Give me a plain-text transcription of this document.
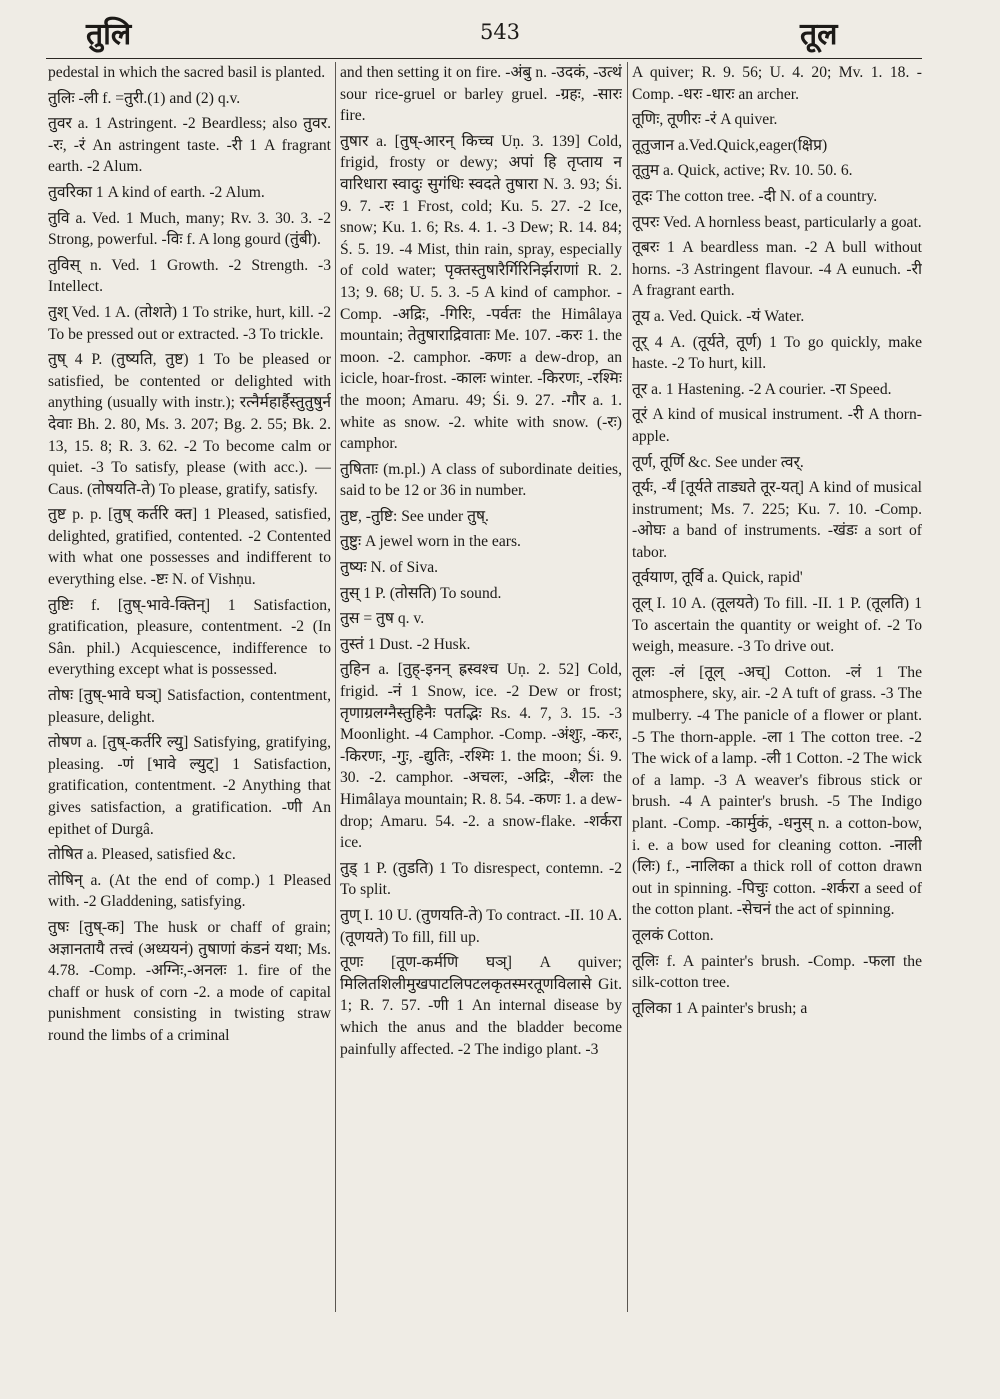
तुलि	543	तूल
pedestal in which the sacred basil is planted.
तुलिः -ली f. =तुरी.(1) and (2) q.v.
तुवर a. 1 Astringent. -2 Beardless; also तुवर. -रः, -रं An astringent taste. -री 1 A fragrant earth. -2 Alum.
तुवरिका 1 A kind of earth. -2 Alum.
तुवि a. Ved. 1 Much, many; Rv. 3. 30. 3. -2 Strong, powerful. -विः f. A long gourd (तुंबी).
तुविस् n. Ved. 1 Growth. -2 Strength. -3 Intellect.
तुश् Ved. 1 A. (तोशते) 1 To strike, hurt, kill. -2 To be pressed out or extracted. -3 To trickle.
तुष् 4 P. (तुष्यति, तुष्ट) 1 To be pleased or satisfied, be contented or delighted with anything (usually with instr.); रत्नैर्महार्हैस्तुतुषुर्न देवाः Bh. 2. 80, Ms. 3. 207; Bg. 2. 55; Bk. 2. 13, 15. 8; R. 3. 62. -2 To become calm or quiet. -3 To satisfy, please (with acc.). —Caus. (तोषयति-ते) To please, gratify, satisfy.
तुष्ट p. p. [तुष् कर्तरि क्त] 1 Pleased, satisfied, delighted, gratified, contented. -2 Contented with what one possesses and indifferent to everything else. -ष्टः N. of Vishṇu.
तुष्टिः f. [तुष्-भावे-क्तिन्] 1 Satisfaction, gratification, pleasure, contentment. -2 (In Sân. phil.) Acquiescence, indifference to everything except what is possessed.
तोषः [तुष्-भावे घञ्] Satisfaction, contentment, pleasure, delight.
तोषण a. [तुष्-कर्तरि ल्यु] Satisfying, gratifying, pleasing. -णं [भावे ल्युट्] 1 Satisfaction, gratification, contentment. -2 Anything that gives satisfaction, a gratification. -णी An epithet of Durgâ.
तोषित a. Pleased, satisfied &c.
तोषिन् a. (At the end of comp.) 1 Pleased with. -2 Gladdening, satisfying.
तुषः [तुष्-क] The husk or chaff of grain; अज्ञानतायै तत्त्वं (अध्ययनं) तुषाणां कंडनं यथा; Ms. 4.78. -Comp. -अग्निः,-अनलः 1. fire of the chaff or husk of corn -2. a mode of capital punishment consisting in twisting straw round the limbs of a criminal
and then setting it on fire. -अंबु n. -उदकं, -उत्थं sour rice-gruel or barley gruel. -ग्रहः, -सारः fire.
तुषार a. [तुष्-आरन् किच्च Uṇ. 3. 139] Cold, frigid, frosty or dewy; अपां हि तृप्ताय न वारिधारा स्वादुः सुगंधिः स्वदते तुषारा N. 3. 93; Śi. 9. 7. -रः 1 Frost, cold; Ku. 5. 27. -2 Ice, snow; Ku. 1. 6; Rs. 4. 1. -3 Dew; R. 14. 84; Ś. 5. 19. -4 Mist, thin rain, spray, especially of cold water; पृक्तस्तुषारैर्गिरिनिर्झराणां R. 2. 13; 9. 68; U. 5. 3. -5 A kind of camphor. -Comp. -अद्रिः, -गिरिः, -पर्वतः the Himâlaya mountain; तेतुषाराद्रिवाताः Me. 107. -करः 1. the moon. -2. camphor. -कणः a dew-drop, an icicle, hoar-frost. -कालः winter. -किरणः, -रश्मिः the moon; Amaru. 49; Śi. 9. 27. -गौर a. 1. white as snow. -2. white with snow. (-रः) camphor.
तुषिताः (m.pl.) A class of subordinate deities, said to be 12 or 36 in number.
तुष्ट, -तुष्टि: See under तुष्.
तुष्टुः A jewel worn in the ears.
तुष्यः N. of Siva.
तुस् 1 P. (तोसति) To sound.
तुस = तुष q. v.
तुस्तं 1 Dust. -2 Husk.
तुहिन a. [तुह्-इनन् ह्रस्वश्च Uṇ. 2. 52] Cold, frigid. -नं 1 Snow, ice. -2 Dew or frost; तृणाग्रलग्नैस्तुहिनैः पतद्भिः Rs. 4. 7, 3. 15. -3 Moonlight. -4 Camphor. -Comp. -अंशुः, -करः, -किरणः, -गुः, -द्युतिः, -रश्मिः 1. the moon; Śi. 9. 30. -2. camphor. -अचलः, -अद्रिः, -शैलः the Himâlaya mountain; R. 8. 54. -कणः 1. a dew-drop; Amaru. 54. -2. a snow-flake. -शर्करा ice.
तुड् 1 P. (तुडति) 1 To disrespect, contemn. -2 To split.
तुण् I. 10 U. (तुणयति-ते) To contract. -II. 10 A. (तूणयते) To fill, fill up.
तूणः [तूण-कर्मणि घञ्] A quiver; मिलितशिलीमुखपाटलिपटलकृतस्मरतूणविलासे Git. 1; R. 7. 57. -णी 1 An internal disease by which the anus and the bladder become painfully affected. -2 The indigo plant. -3
A quiver; R. 9. 56; U. 4. 20; Mv. 1. 18. -Comp. -धरः -धारः an archer.
तूणिः, तूणीरः -रं A quiver.
तूतुजान a.Ved.Quick,eager(क्षिप्र)
तूतुम a. Quick, active; Rv. 10. 50. 6.
तूदः The cotton tree. -दी N. of a country.
तूपरः Ved. A hornless beast, particularly a goat.
तूबरः 1 A beardless man. -2 A bull without horns. -3 Astringent flavour. -4 A eunuch. -री A fragrant earth.
तूय a. Ved. Quick. -यं Water.
तूर् 4 A. (तूर्यते, तूर्ण) 1 To go quickly, make haste. -2 To hurt, kill.
तूर a. 1 Hastening. -2 A courier. -रा Speed.
तूरं A kind of musical instrument. -री A thorn-apple.
तूर्ण, तूर्णि &c. See under त्वर्.
तूर्यः, -र्यं [तूर्यते ताड्यते तूर-यत्] A kind of musical instrument; Ms. 7. 225; Ku. 7. 10. -Comp. -ओघः a band of instruments. -खंडः a sort of tabor.
तूर्वयाण, तूर्वि a. Quick, rapid'
तूल् I. 10 A. (तूलयते) To fill. -II. 1 P. (तूलति) 1 To ascertain the quantity or weight of. -2 To weigh, measure. -3 To drive out.
तूलः -लं [तूल् -अच्] Cotton. -लं 1 The atmosphere, sky, air. -2 A tuft of grass. -3 The mulberry. -4 The panicle of a flower or plant. -5 The thorn-apple. -ला 1 The cotton tree. -2 The wick of a lamp. -ली 1 Cotton. -2 The wick of a lamp. -3 A weaver's fibrous stick or brush. -4 A painter's brush. -5 The Indigo plant. -Comp. -कार्मुकं, -धनुस् n. a cotton-bow, i. e. a bow used for cleaning cotton. -नाली (लिः) f., -नालिका a thick roll of cotton drawn out in spinning. -पिचुः cotton. -शर्करा a seed of the cotton plant. -सेचनं the act of spinning.
तूलकं Cotton.
तूलिः f. A painter's brush. -Comp. -फला the silk-cotton tree.
तूलिका 1 A painter's brush; a
